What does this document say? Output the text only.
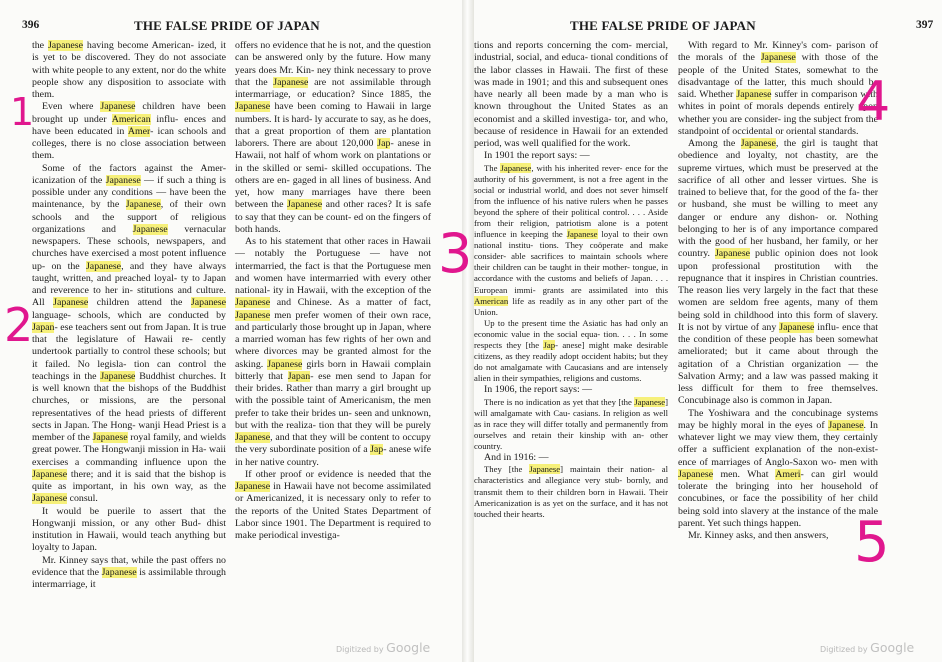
396	THE FALSE PRIDE OF JAPAN

the Japanese having become American- ized, it is yet to be discovered. They do not associate with white people to any extent, nor do the white people show any disposition to associate with them.

Even where Japanese children have been brought up under American influ- ences and have been educated in Amer- ican schools and colleges, there is no close association between them.

Some of the factors against the Amer- icanization of the Japanese — if such a thing is possible under any conditions — have been the maintenance, by the Japanese, of their own schools and the support of religious organizations and Japanese vernacular newspapers. These schools, newspapers, and churches have exercised a most potent influence up- on the Japanese, and they have always taught, written, and preached loyal- ty to Japan and reverence to her in- stitutions and culture. All Japanese children attend the Japanese language- schools, which are conducted by Japan- ese teachers sent out from Japan. It is true that the legislature of Hawaii re- cently undertook partially to control these schools; but it failed. No legisla- tion can control the teachings in the Japanese Buddhist churches. It is well known that the bishops of the Buddhist churches, or missions, are the personal representatives of the head priests of different sects in Japan. The Hong- wanji Head Priest is a member of the Japanese royal family, and wields great power. The Hongwanji mission in Ha- waii exercises a commanding influence upon the Japanese there; and it is said that the bishop is quite as important, in his own way, as the Japanese consul.

It would be puerile to assert that the Hongwanji mission, or any other Bud- dhist institution in Hawaii, would teach anything but loyalty to Japan.

Mr. Kinney says that, while the past offers no evidence that the Japanese is assimilable through intermarriage, it

offers no evidence that he is not, and the question can be answered only by the future. How many years does Mr. Kin- ney think necessary to prove that the Japanese are not assimilable through intermarriage, or education? Since 1885, the Japanese have been coming to Hawaii in large numbers. It is hard- ly accurate to say, as he does, that a great proportion of them are plantation laborers. There are about 120,000 Jap- anese in Hawaii, not half of whom work on plantations or in the skilled or semi- skilled occupations. The others are en- gaged in all lines of business. And yet, how many marriages have there been between the Japanese and other races? It is safe to say that they can be count- ed on the fingers of both hands.

As to his statement that other races in Hawaii — notably the Portuguese — have not intermarried, the fact is that the Portuguese men and women have intermarried with every other national- ity in Hawaii, with the exception of the Japanese and Chinese. As a matter of fact, Japanese men prefer women of their own race, and particularly those brought up in Japan, where a married woman has few rights of her own and where divorces may be granted almost for the asking. Japanese girls born in Hawaii complain bitterly that Japan- ese men send to Japan for their brides. Rather than marry a girl brought up with the possible taint of Americanism, the men prefer to take their brides un- seen and unknown, but with the realiza- tion that they will be purely Japanese, and that they will be content to occupy the very subordinate position of a Jap- anese wife in her native country.

If other proof or evidence is needed that the Japanese in Hawaii have not become assimilated or Americanized, it is necessary only to refer to the reports of the United States Department of Labor since 1901. The Department is required to make periodical investiga-

Digitized by Google
THE FALSE PRIDE OF JAPAN	397

tions and reports concerning the com- mercial, industrial, social, and educa- tional conditions of the labor classes in Hawaii. The first of these was made in 1901; and this and subsequent ones have nearly all been made by a man who is known throughout the United States as an economist and a skilled investiga- tor, and who, because of residence in Hawaii for an extended period, was well qualified for the work.

In 1901 the report says: —

The Japanese, with his inherited rever- ence for the authority of his government, is not a free agent in the social or industrial world, and does not sever himself from the influence of his native rulers when he passes beyond the sphere of their political control. . . . Aside from their religion, patriotism alone is a potent influence in keeping the Japanese loyal to their own national institu- tions. They coöperate and make consider- able sacrifices to maintain schools where their children can be taught in their mother- tongue, in accordance with the customs and beliefs of Japan. . . . European immi- grants are assimilated into this American life as readily as in any other part of the Union.

Up to the present time the Asiatic has had only an economic value in the social equa- tion. . . . In some respects they [the Jap- anese] might make desirable citizens, as they readily adopt occident habits; but they do not amalgamate with Caucasians and are intensely alien in their sympathies, religions and customs.

In 1906, the report says: —

There is no indication as yet that they [the Japanese] will amalgamate with Cau- casians. In religion as well as in race they will differ totally and permanently from ourselves and retain their kinship with an- other country.

And in 1916: —

They [the Japanese] maintain their nation- al characteristics and allegiance very stub- bornly, and transmit them to their children born in Hawaii. Their Americanization is as yet on the surface, and it has not touched their hearts.

With regard to Mr. Kinney's com- parison of the morals of the Japanese with those of the people of the United States, somewhat to the disadvantage of the latter, this much should be said. Whether Japanese suffer in comparison with whites in point of morals depends entirely upon whether you are consider- ing the subject from the standpoint of occidental or oriental standards.

Among the Japanese, the girl is taught that obedience and loyalty, not chastity, are the supreme virtues, which must be preserved at the sacrifice of all other and lesser virtues. She is trained to believe that, for the good of the fa- ther or husband, she must be willing to meet any danger or endure any dishon- or. Nothing belonging to her is of any importance compared with the good of her husband, her family, or her country. Japanese public opinion does not look upon professional prostitution with the repugnance that it inspires in Christian countries. The reason lies very largely in the fact that these women are seldom free agents, many of them being sold in childhood into this form of slavery. It is not by virtue of any Japanese influ- ence that the condition of these people has been somewhat ameliorated; but it came about through the agitation of a Christian organization — the Salvation Army; and a law was passed making it less difficult for them to free themselves. Concubinage also is common in Japan.

The Yoshiwara and the concubinage systems may be highly moral in the eyes of Japanese. In whatever light we may view them, they certainly offer a sufficient explanation of the non-exist- ence of marriages of Anglo-Saxon wo- men with Japanese men. What Ameri- can girl would tolerate the bringing into her household of concubines, or face the possibility of her child being sold into slavery at the instance of the male parent. Yet such things happen.

Mr. Kinney asks, and then answers,

Digitized by Google
1
2
3
4
5
